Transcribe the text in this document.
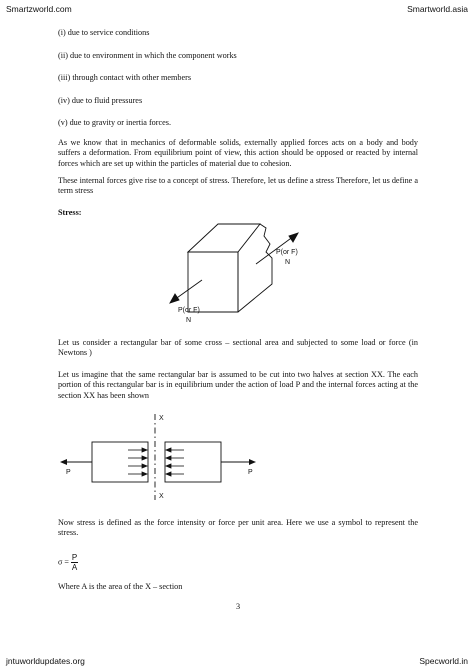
Smartzworld.com	Smartworld.asia
(i) due to service conditions
(ii) due to environment in which the component works
(iii) through contact with other members
(iv) due to fluid pressures
(v) due to gravity or inertia forces.
As we know that in mechanics of deformable solids, externally applied forces acts on a body and body suffers a deformation. From equilibrium point of view, this action should be opposed or reacted by internal forces which are set up within the particles of material due to cohesion.
These internal forces give rise to a concept of stress. Therefore, let us define a stress Therefore, let us define a term stress
Stress:
Let us consider a rectangular bar of some cross – sectional area and subjected to some load or force (in Newtons )
Let us imagine that the same rectangular bar is assumed to be cut into two halves at section XX. The each portion of this rectangular bar is in equilibrium under the action of load P and the internal forces acting at the section XX has been shown
Now stress is defined as the force intensity or force per unit area. Here we use a symbol to represent the stress.
$\sigma = \frac{P}{A}$
Where A is the area of the X – section
3
P(or F)
N
P(or F)
N
X
X
P	P
jntuworldupdates.org	Specworld.in
